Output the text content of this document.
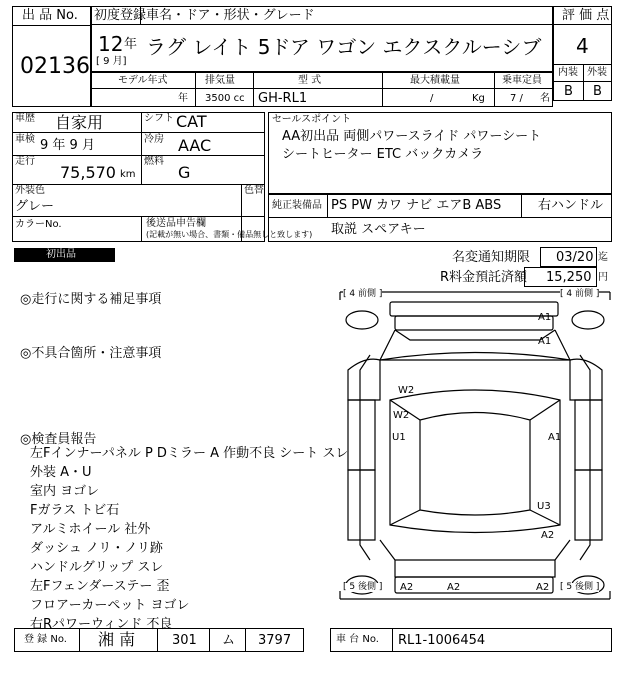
出 品 No.
02136
初度登録 車名・ドア・形状・グレード
12 年
[ 9 月]
ラグ レイト 5ドア ワゴン エクスクルーシブ
評 価 点
4
内装 外装
B B
モデル年式	排気量	型 式	最大積載量	乗車定員
年 3500 cc GH-RL1	/	Kg	7 / 名
車歴 自家用	シフト CAT
車検 9 年 9 月	冷房 AAC
走行
75,570 km
燃料
G
外装色
グレー
色替
カラーNo.
セールスポイント
AA初出品 両側パワースライド パワーシート
シートヒーター ETC バックカメラ
純正装備品 PS PW カワ ナビ エアB ABS	右ハンドル
後送品申告欄
(記載が無い場合、書類・備品無しと致します) 取説 スペアキー
初出品	名変通知期限 03/20 迄
R料金預託済額 15,250 円
◎走行に関する補足事項
◎不具合箇所・注意事項
◎検査員報告
左Fインナーパネル P Dミラー A 作動不良 シート スレ
外装 A・U
室内 ヨゴレ
Fガラス トビ石
アルミホイール 社外
ダッシュ ノリ・ノリ跡
ハンドルグリップ スレ
左Fフェンダーステー 歪
フロアーカーペット ヨゴレ
右Rパワーウィンド 不良
[ 4 前側 ]	[ 4 前側 ]
[ 5 後側 ]	[ 5 後側 ]
A1
A1
W2
W2
U1	A1
U3
A2
A2	A2	A2
登 録 No. 湘 南	301 ム 3797	車 台 No. RL1-1006454
